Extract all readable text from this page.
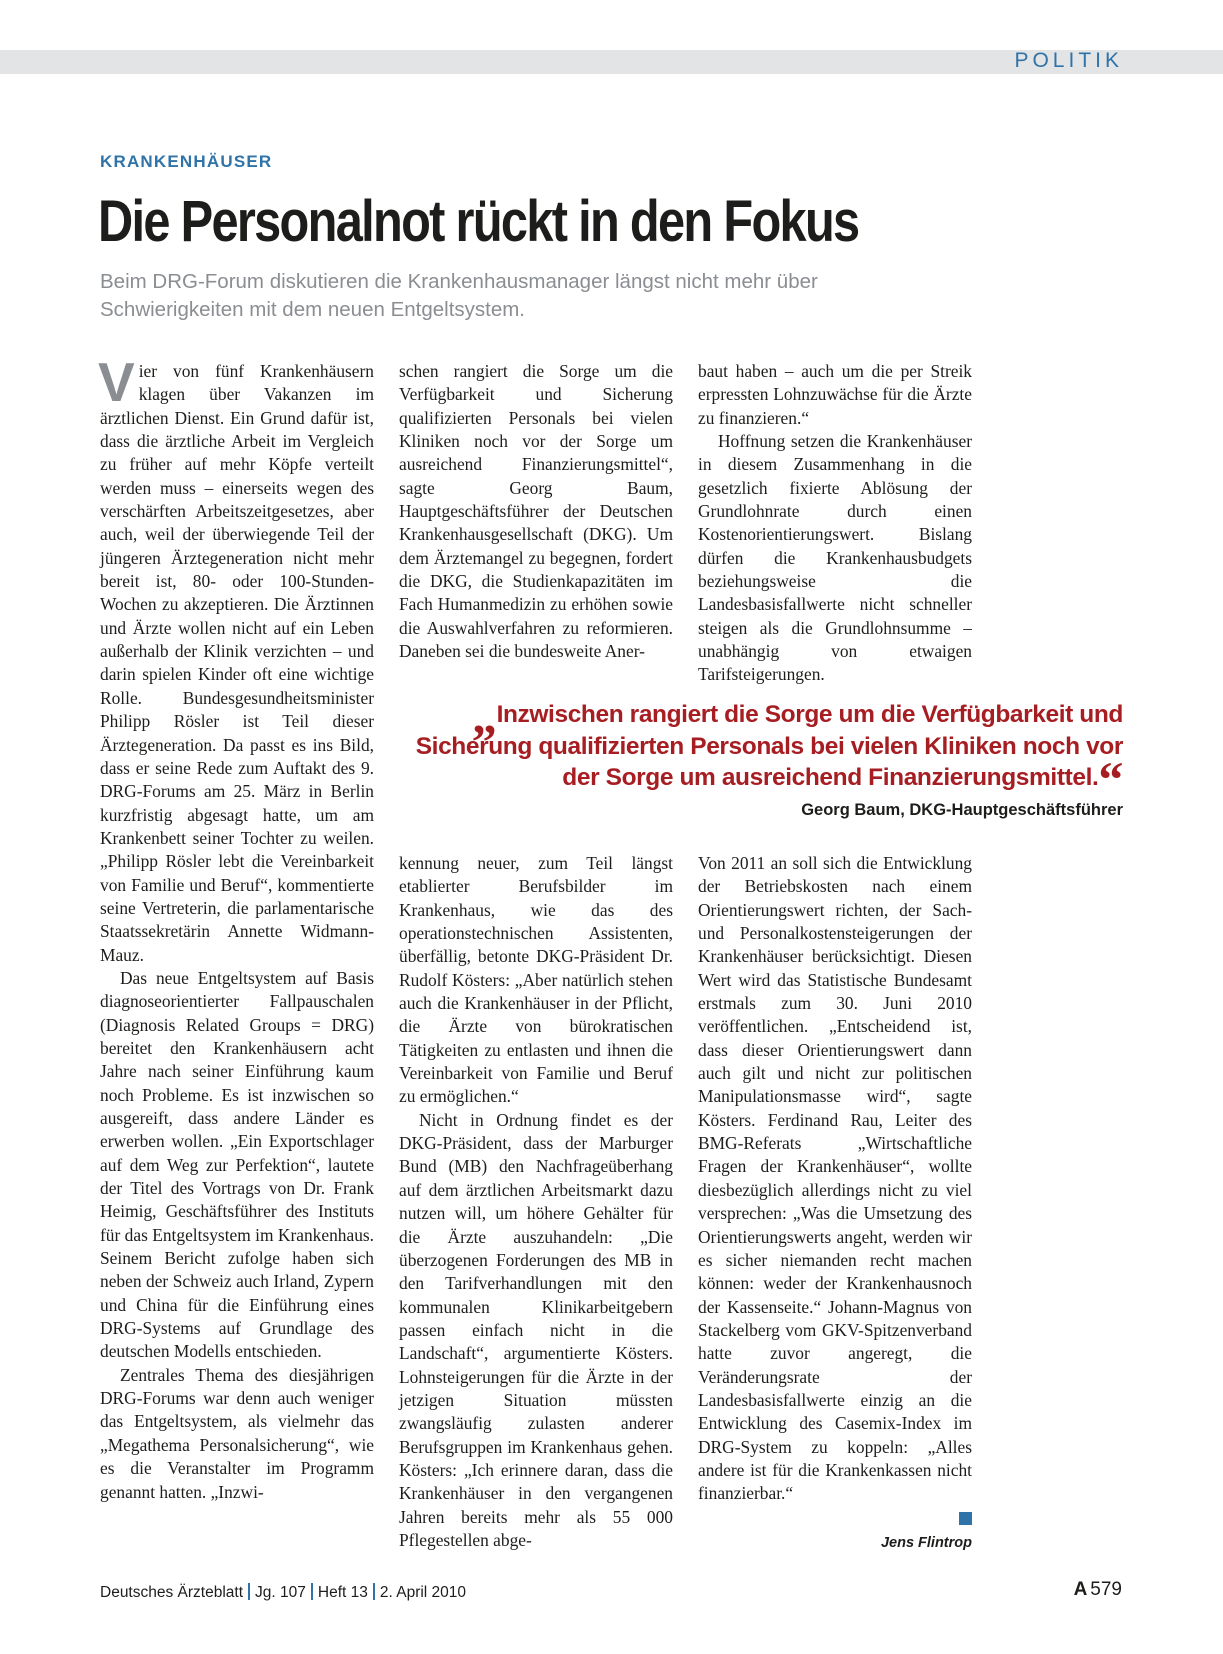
POLITIK
KRANKENHÄUSER
Die Personalnot rückt in den Fokus
Beim DRG-Forum diskutieren die Krankenhausmanager längst nicht mehr über Schwierigkeiten mit dem neuen Entgeltsystem.

Vier von fünf Krankenhäusern klagen über Vakanzen im ärztlichen Dienst. Ein Grund dafür ist, dass die ärztliche Arbeit im Vergleich zu früher auf mehr Köpfe verteilt werden muss – einerseits wegen des verschärften Arbeitszeitgesetzes, aber auch, weil der überwiegende Teil der jüngeren Ärztegeneration nicht mehr bereit ist, 80- oder 100-Stunden-Wochen zu akzeptieren. Die Ärztinnen und Ärzte wollen nicht auf ein Leben außerhalb der Klinik verzichten – und darin spielen Kinder oft eine wichtige Rolle. Bundesgesundheitsminister Philipp Rösler ist Teil dieser Ärztegeneration. Da passt es ins Bild, dass er seine Rede zum Auftakt des 9. DRG-Forums am 25. März in Berlin kurzfristig abgesagt hatte, um am Krankenbett seiner Tochter zu weilen. „Philipp Rösler lebt die Vereinbarkeit von Familie und Beruf“, kommentierte seine Vertreterin, die parlamentarische Staatssekretärin Annette Widmann-Mauz.

Das neue Entgeltsystem auf Basis diagnoseorientierter Fallpauschalen (Diagnosis Related Groups = DRG) bereitet den Krankenhäusern acht Jahre nach seiner Einführung kaum noch Probleme. Es ist inzwischen so ausgereift, dass andere Länder es erwerben wollen. „Ein Exportschlager auf dem Weg zur Perfektion“, lautete der Titel des Vortrags von Dr. Frank Heimig, Geschäftsführer des Instituts für das Entgeltsystem im Krankenhaus. Seinem Bericht zufolge haben sich neben der Schweiz auch Irland, Zypern und China für die Einführung eines DRG-Systems auf Grundlage des deutschen Modells entschieden.

Zentrales Thema des diesjährigen DRG-Forums war denn auch weniger das Entgeltsystem, als vielmehr das „Megathema Personalsicherung“, wie es die Veranstalter im Programm genannt hatten. „Inzwi-

schen rangiert die Sorge um die Verfügbarkeit und Sicherung qualifizierten Personals bei vielen Kliniken noch vor der Sorge um ausreichend Finanzierungsmittel“, sagte Georg Baum, Hauptgeschäftsführer der Deutschen Krankenhausgesellschaft (DKG). Um dem Ärztemangel zu begegnen, fordert die DKG, die Studienkapazitäten im Fach Humanmedizin zu erhöhen sowie die Auswahlverfahren zu reformieren. Daneben sei die bundesweite Aner-

baut haben – auch um die per Streik erpressten Lohnzuwächse für die Ärzte zu finanzieren.“

Hoffnung setzen die Krankenhäuser in diesem Zusammenhang in die gesetzlich fixierte Ablösung der Grundlohnrate durch einen Kostenorientierungswert. Bislang dürfen die Krankenhausbudgets beziehungsweise die Landesbasisfallwerte nicht schneller steigen als die Grundlohnsumme – unabhängig von etwaigen Tarifsteigerungen.

„Inzwischen rangiert die Sorge um die Verfügbarkeit und Sicherung qualifizierten Personals bei vielen Kliniken noch vor der Sorge um ausreichend Finanzierungsmittel.“
Georg Baum, DKG-Hauptgeschäftsführer

kennung neuer, zum Teil längst etablierter Berufsbilder im Krankenhaus, wie das des operationstechnischen Assistenten, überfällig, betonte DKG-Präsident Dr. Rudolf Kösters: „Aber natürlich stehen auch die Krankenhäuser in der Pflicht, die Ärzte von bürokratischen Tätigkeiten zu entlasten und ihnen die Vereinbarkeit von Familie und Beruf zu ermöglichen.“

Nicht in Ordnung findet es der DKG-Präsident, dass der Marburger Bund (MB) den Nachfrageüberhang auf dem ärztlichen Arbeitsmarkt dazu nutzen will, um höhere Gehälter für die Ärzte auszuhandeln: „Die überzogenen Forderungen des MB in den Tarifverhandlungen mit den kommunalen Klinikarbeitgebern passen einfach nicht in die Landschaft“, argumentierte Kösters. Lohnsteigerungen für die Ärzte in der jetzigen Situation müssten zwangsläufig zulasten anderer Berufsgruppen im Krankenhaus gehen. Kösters: „Ich erinnere daran, dass die Krankenhäuser in den vergangenen Jahren bereits mehr als 55 000 Pflegestellen abge-

Von 2011 an soll sich die Entwicklung der Betriebskosten nach einem Orientierungswert richten, der Sach- und Personalkostensteigerungen der Krankenhäuser berücksichtigt. Diesen Wert wird das Statistische Bundesamt erstmals zum 30. Juni 2010 veröffentlichen. „Entscheidend ist, dass dieser Orientierungswert dann auch gilt und nicht zur politischen Manipulationsmasse wird“, sagte Kösters. Ferdinand Rau, Leiter des BMG-Referats „Wirtschaftliche Fragen der Krankenhäuser“, wollte diesbezüglich allerdings nicht zu viel versprechen: „Was die Umsetzung des Orientierungswerts angeht, werden wir es sicher niemanden recht machen können: weder der Krankenhausnoch der Kassenseite.“ Johann-Magnus von Stackelberg vom GKV-Spitzenverband hatte zuvor angeregt, die Veränderungsrate der Landesbasisfallwerte einzig an die Entwicklung des Casemix-Index im DRG-System zu koppeln: „Alles andere ist für die Krankenkassen nicht finanzierbar.“

Jens Flintrop
Deutsches Ärzteblatt Jg. 107 Heft 13 2. April 2010	A 579
